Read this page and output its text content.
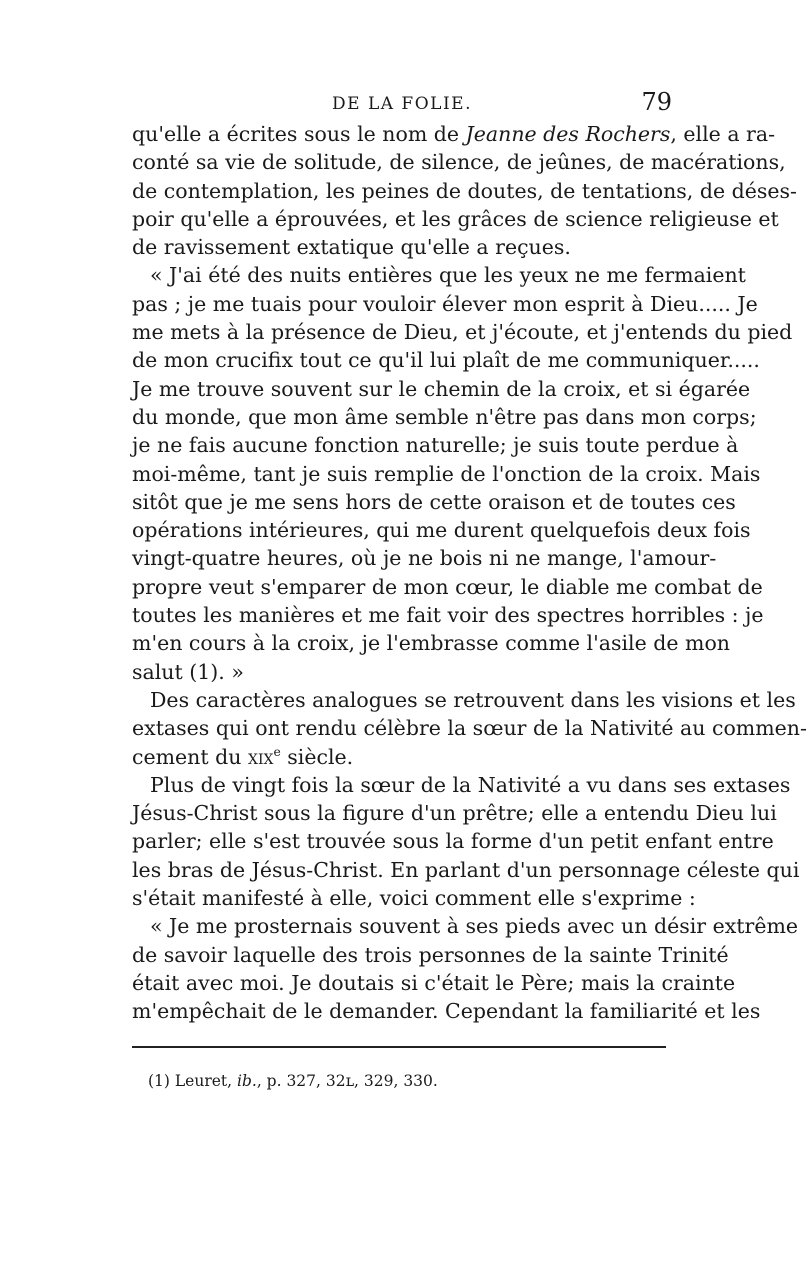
DE LA FOLIE.	79
qu'elle a écrites sous le nom de Jeanne des Rochers, elle a ra-
conté sa vie de solitude, de silence, de jeûnes, de macérations,
de contemplation, les peines de doutes, de tentations, de déses-
poir qu'elle a éprouvées, et les grâces de science religieuse et
de ravissement extatique qu'elle a reçues.
« J'ai été des nuits entières que les yeux ne me fermaient
pas ; je me tuais pour vouloir élever mon esprit à Dieu..... Je
me mets à la présence de Dieu, et j'écoute, et j'entends du pied
de mon crucifix tout ce qu'il lui plaît de me communiquer.....
Je me trouve souvent sur le chemin de la croix, et si égarée
du monde, que mon âme semble n'être pas dans mon corps;
je ne fais aucune fonction naturelle; je suis toute perdue à
moi-même, tant je suis remplie de l'onction de la croix. Mais
sitôt que je me sens hors de cette oraison et de toutes ces
opérations intérieures, qui me durent quelquefois deux fois
vingt-quatre heures, où je ne bois ni ne mange, l'amour-
propre veut s'emparer de mon cœur, le diable me combat de
toutes les manières et me fait voir des spectres horribles : je
m'en cours à la croix, je l'embrasse comme l'asile de mon
salut (1). »
Des caractères analogues se retrouvent dans les visions et les
extases qui ont rendu célèbre la sœur de la Nativité au commen-
cement du xix$^e$ siècle.
Plus de vingt fois la sœur de la Nativité a vu dans ses extases
Jésus-Christ sous la figure d'un prêtre; elle a entendu Dieu lui
parler; elle s'est trouvée sous la forme d'un petit enfant entre
les bras de Jésus-Christ. En parlant d'un personnage céleste qui
s'était manifesté à elle, voici comment elle s'exprime :
« Je me prosternais souvent à ses pieds avec un désir extrême
de savoir laquelle des trois personnes de la sainte Trinité
était avec moi. Je doutais si c'était le Père; mais la crainte
m'empêchait de le demander. Cependant la familiarité et les
(1) Leuret, ib., p. 327, 32ʟ, 329, 330.
